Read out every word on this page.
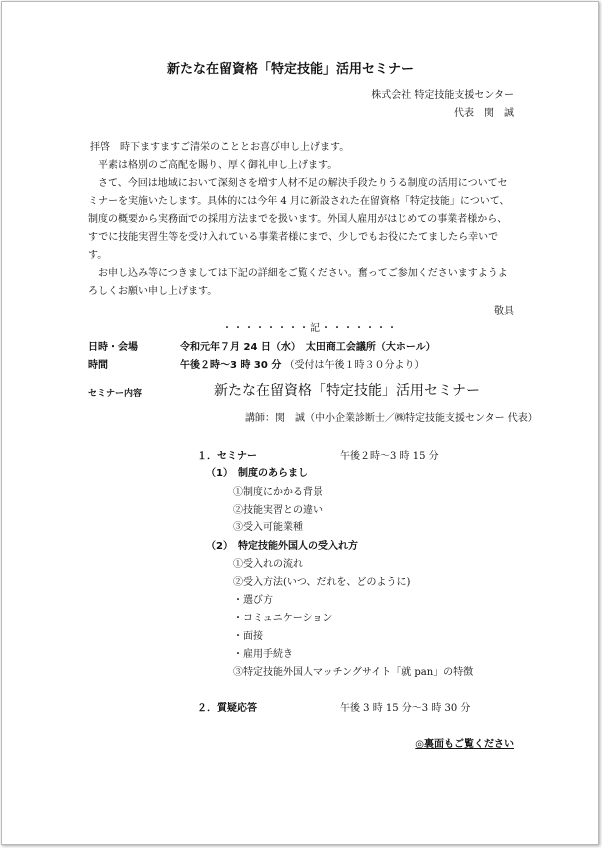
新たな在留資格「特定技能」活用セミナー
株式会社 特定技能支援センター
代表　関　誠
拝啓　時下ますますご清栄のこととお喜び申し上げます。

平素は格別のご高配を賜り、厚く御礼申し上げます。

さて、今回は地域において深刻さを増す人材不足の解決手段たりうる制度の活用についてセミナーを実施いたします。具体的には今年 4 月に新設された在留資格「特定技能」について、制度の概要から実務面での採用方法までを扱います。外国人雇用がはじめての事業者様から、すでに技能実習生等を受け入れている事業者様にまで、少しでもお役にたてましたら幸いです。

お申し込み等につきましては下記の詳細をご覧ください。奮ってご参加くださいますようよろしくお願い申し上げます。

敬具
・・・・・・・・記・・・・・・・
日時・会場	令和元年７月 24 日（水）　太田商工会議所（大ホール）
時間	午後２時～3 時 30 分 （受付は午後１時３０分より）
セミナー内容	新たな在留資格「特定技能」活用セミナー
講師：関　誠（中小企業診断士／㈱特定技能支援センター 代表）
１．セミナー	午後２時～3 時 15 分
（1）　制度のあらまし
①制度にかかる背景
②技能実習との違い
③受入可能業種
（2）　特定技能外国人の受入れ方
①受入れの流れ
②受入方法(いつ、だれを、どのように)
・選び方
・コミュニケーション
・面接
・雇用手続き
③特定技能外国人マッチングサイト「就 pan」の特徴
２．質疑応答	午後 3 時 15 分～3 時 30 分
◎裏面もご覧ください
